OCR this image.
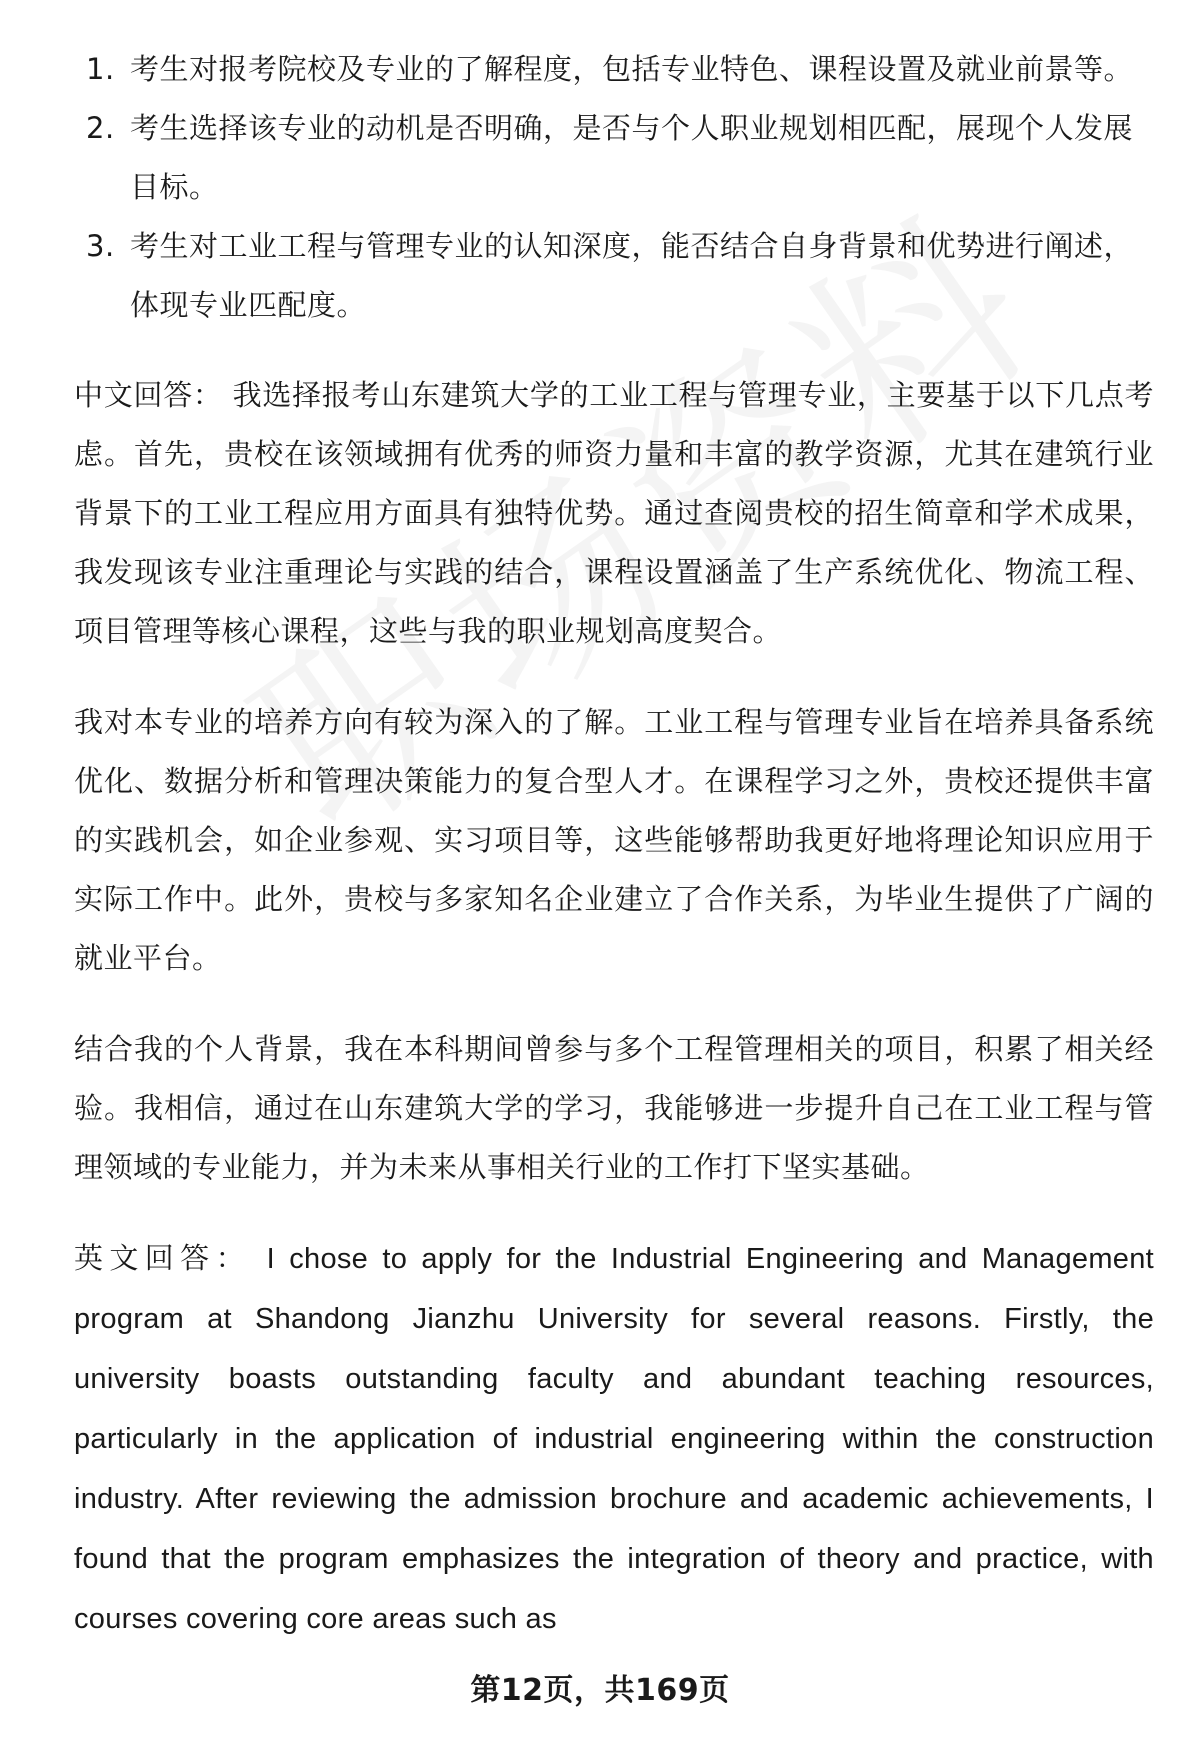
1. 考生对报考院校及专业的了解程度，包括专业特色、课程设置及就业前景等。
2. 考生选择该专业的动机是否明确，是否与个人职业规划相匹配，展现个人发展目标。
3. 考生对工业工程与管理专业的认知深度，能否结合自身背景和优势进行阐述，体现专业匹配度。

中文回答： 我选择报考山东建筑大学的工业工程与管理专业，主要基于以下几点考虑。首先，贵校在该领域拥有优秀的师资力量和丰富的教学资源，尤其在建筑行业背景下的工业工程应用方面具有独特优势。通过查阅贵校的招生简章和学术成果，我发现该专业注重理论与实践的结合，课程设置涵盖了生产系统优化、物流工程、项目管理等核心课程，这些与我的职业规划高度契合。

我对本专业的培养方向有较为深入的了解。工业工程与管理专业旨在培养具备系统优化、数据分析和管理决策能力的复合型人才。在课程学习之外，贵校还提供丰富的实践机会，如企业参观、实习项目等，这些能够帮助我更好地将理论知识应用于实际工作中。此外，贵校与多家知名企业建立了合作关系，为毕业生提供了广阔的就业平台。

结合我的个人背景，我在本科期间曾参与多个工程管理相关的项目，积累了相关经验。我相信，通过在山东建筑大学的学习，我能够进一步提升自己在工业工程与管理领域的专业能力，并为未来从事相关行业的工作打下坚实基础。

英文回答： I chose to apply for the Industrial Engineering and Management program at Shandong Jianzhu University for several reasons. Firstly, the university boasts outstanding faculty and abundant teaching resources, particularly in the application of industrial engineering within the construction industry. After reviewing the admission brochure and academic achievements, I found that the program emphasizes the integration of theory and practice, with courses covering core areas such as

第12页，共169页
